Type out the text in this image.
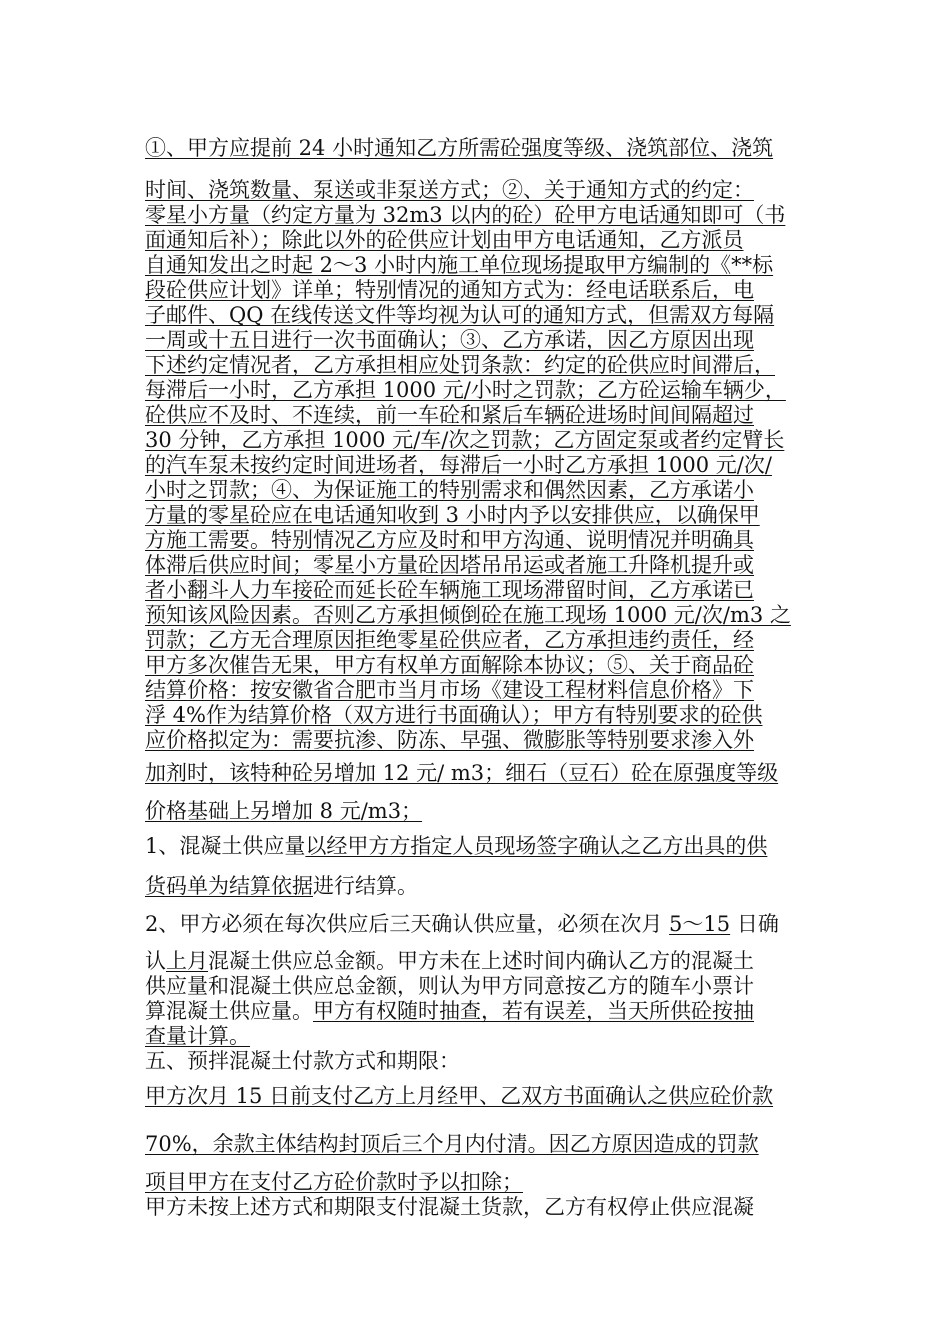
①、甲方应提前 24 小时通知乙方所需砼强度等级、浇筑部位、浇筑
时间、浇筑数量、泵送或非泵送方式；②、关于通知方式的约定：
零星小方量（约定方量为 32m3 以内的砼）砼甲方电话通知即可（书
面通知后补）；除此以外的砼供应计划由甲方电话通知，乙方派员
自通知发出之时起 2～3 小时内施工单位现场提取甲方编制的《**标
段砼供应计划》详单；特别情况的通知方式为：经电话联系后，电
子邮件、QQ 在线传送文件等均视为认可的通知方式，但需双方每隔
一周或十五日进行一次书面确认；③、乙方承诺，因乙方原因出现
下述约定情况者，乙方承担相应处罚条款：约定的砼供应时间滞后，
每滞后一小时，乙方承担 1000 元/小时之罚款；乙方砼运输车辆少，
砼供应不及时、不连续，前一车砼和紧后车辆砼进场时间间隔超过
30 分钟，乙方承担 1000 元/车/次之罚款；乙方固定泵或者约定臂长
的汽车泵未按约定时间进场者，每滞后一小时乙方承担 1000 元/次/
小时之罚款；④、为保证施工的特别需求和偶然因素，乙方承诺小
方量的零星砼应在电话通知收到 3 小时内予以安排供应，以确保甲
方施工需要。特别情况乙方应及时和甲方沟通、说明情况并明确具
体滞后供应时间；零星小方量砼因塔吊吊运或者施工升降机提升或
者小翻斗人力车接砼而延长砼车辆施工现场滞留时间，乙方承诺已
预知该风险因素。否则乙方承担倾倒砼在施工现场 1000 元/次/m3 之
罚款；乙方无合理原因拒绝零星砼供应者，乙方承担违约责任，经
甲方多次催告无果，甲方有权单方面解除本协议；⑤、关于商品砼
结算价格：按安徽省合肥市当月市场《建设工程材料信息价格》下
浮 4%作为结算价格（双方进行书面确认）；甲方有特别要求的砼供
应价格拟定为：需要抗渗、防冻、早强、微膨胀等特别要求渗入外
加剂时，该特种砼另增加 12 元/ m3；细石（豆石）砼在原强度等级
价格基础上另增加 8 元/m3；
1、混凝土供应量以经甲方方指定人员现场签字确认之乙方出具的供
货码单为结算依据进行结算。
2、甲方必须在每次供应后三天确认供应量，必须在次月 5～15 日确
认上月混凝土供应总金额。甲方未在上述时间内确认乙方的混凝土
供应量和混凝土供应总金额，则认为甲方同意按乙方的随车小票计
算混凝土供应量。甲方有权随时抽查，若有误差，当天所供砼按抽
查量计算。
五、预拌混凝土付款方式和期限：
甲方次月 15 日前支付乙方上月经甲、乙双方书面确认之供应砼价款
70%，余款主体结构封顶后三个月内付清。因乙方原因造成的罚款
项目甲方在支付乙方砼价款时予以扣除；
甲方未按上述方式和期限支付混凝土货款，乙方有权停止供应混凝
